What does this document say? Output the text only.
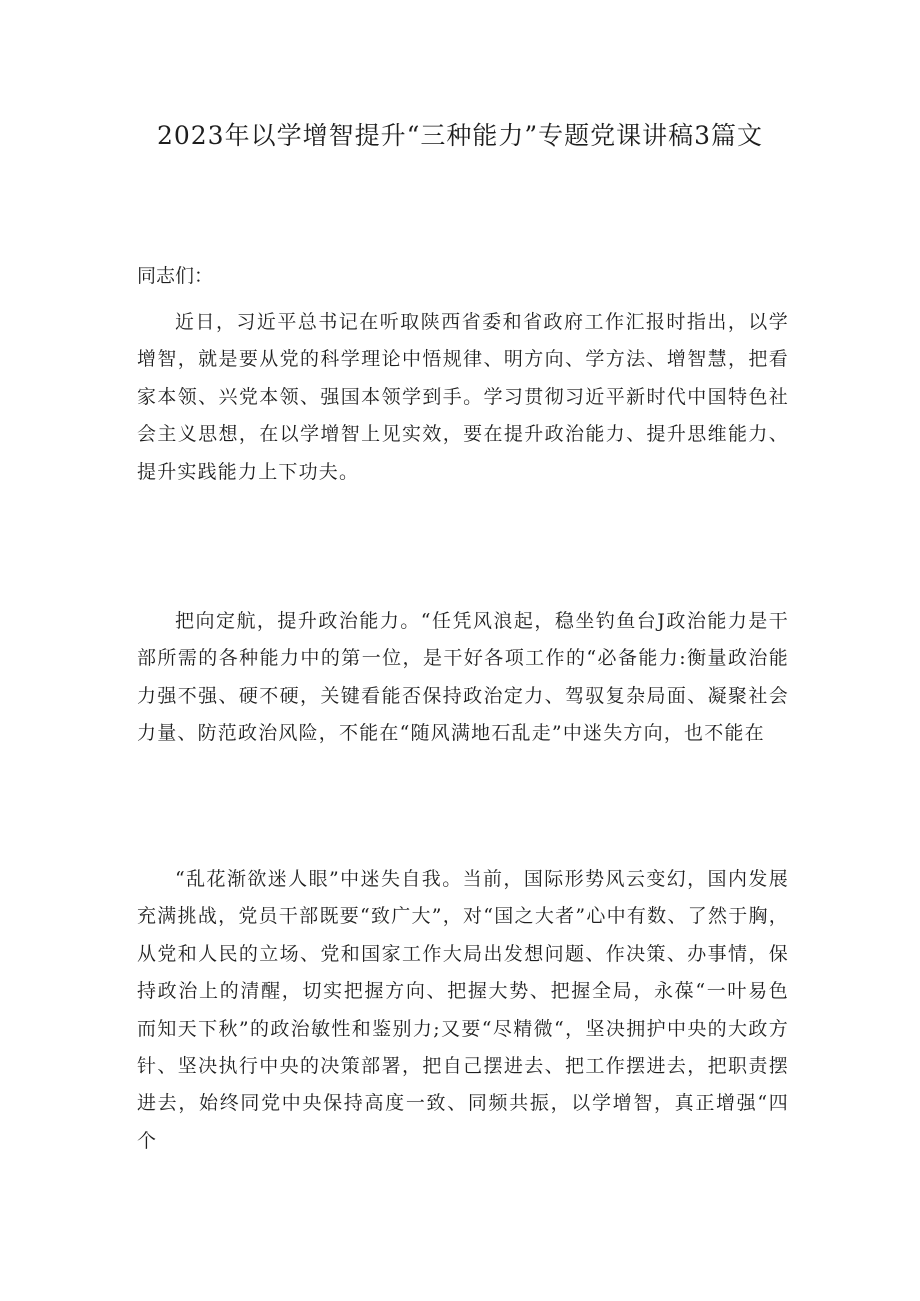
2023年以学增智提升“三种能力”专题党课讲稿3篇文

同志们：

近日，习近平总书记在听取陕西省委和省政府工作汇报时指出，以学增智，就是要从党的科学理论中悟规律、明方向、学方法、增智慧，把看家本领、兴党本领、强国本领学到手。学习贯彻习近平新时代中国特色社会主义思想，在以学增智上见实效，要在提升政治能力、提升思维能力、提升实践能力上下功夫。

把向定航，提升政治能力。“任凭风浪起，稳坐钓鱼台J政治能力是干部所需的各种能力中的第一位，是干好各项工作的“必备能力:衡量政治能力强不强、硬不硬，关键看能否保持政治定力、驾驭复杂局面、凝聚社会力量、防范政治风险，不能在“随风满地石乱走”中迷失方向，也不能在

“乱花渐欲迷人眼”中迷失自我。当前，国际形势风云变幻，国内发展充满挑战，党员干部既要“致广大”，对“国之大者”心中有数、了然于胸，从党和人民的立场、党和国家工作大局出发想问题、作决策、办事情，保持政治上的清醒，切实把握方向、把握大势、把握全局，永葆“一叶易色而知天下秋”的政治敏性和鉴别力;又要“尽精微“，坚决拥护中央的大政方针、坚决执行中央的决策部署，把自己摆进去、把工作摆进去，把职责摆进去，始终同党中央保持高度一致、同频共振，以学增智，真正增强“四个
